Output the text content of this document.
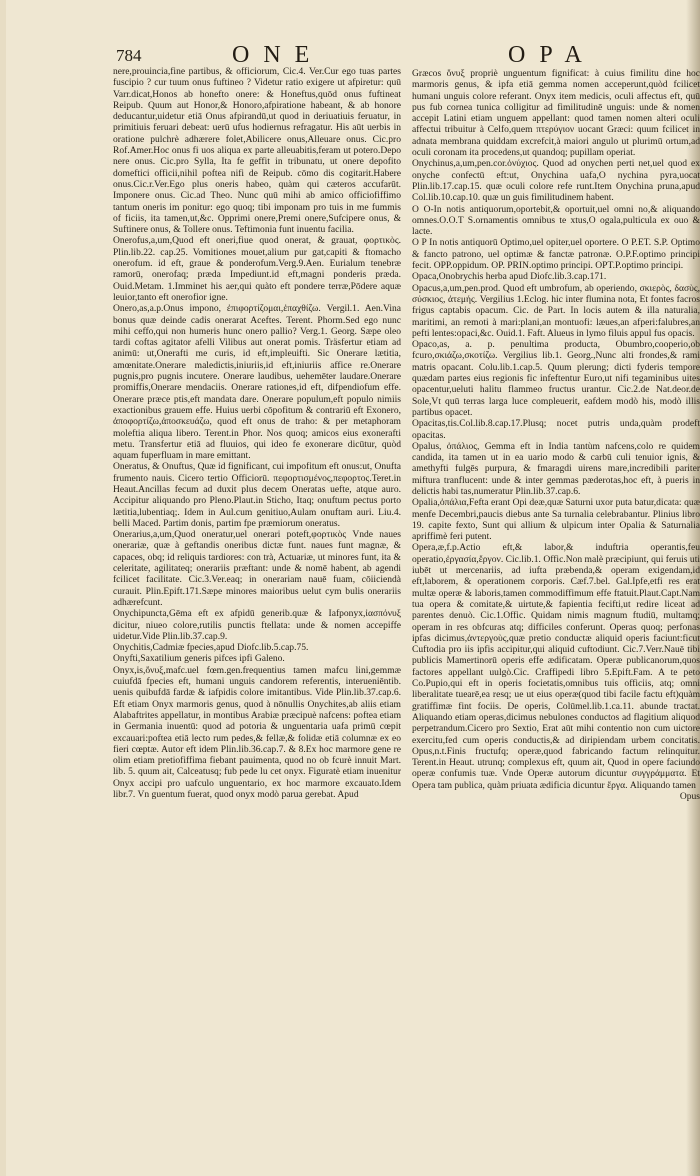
784	O N E	O P A

nere,prouincia,fine partibus, & officiorum, Cic.4. Ver.Cur ego tuas partes fuscipio ? cur tuum onus fuftineo ? Videtur ratio exigere ut afpiretur: quū Varr.dicat,Honos ab honefto onere: & Honeftus,quōd onus fuftineat Reipub. Quum aut Honor,& Honoro,afpiratione habeant, & ab honore deducantur,uidetur etiā Onus afpirandū,ut quod in deriuatiuis feruatur, in primitiuis feruari debeat: uerū ufus hodiernus refragatur. His aūt uerbis in oratione pulchrè adhærere folet,Abilicere onus,Alleuare onus. Cic.pro Rof.Amer.Hoc onus fi uos aliqua ex parte alleuabitis,feram ut potero.Depo nere onus. Cic.pro Sylla, Ita fe geffit in tribunatu, ut onere depofito domeftici officii,nihil poftea nifi de Reipub. cōmo dis cogitarit.Habere onus.Cic.r.Ver.Ego plus oneris habeo, quàm qui cæteros accufarūt. Imponere onus. Cic.ad Theo. Nunc quū mihi ab amico officiofiffimo tantum oneris im ponitur: ego quoq; tibi imponam pro tuis in me fummis of ficiis, ita tamen,ut,&c. Opprimi onere,Premi onere,Sufcipere onus, & Suftinere onus, & Tollere onus. Teftimonia funt inuentu facilia.

Onerofus,a,um,Quod eft oneri,fiue quod onerat, & grauat, φορτικὸς. Plin.lib.22. cap.25. Vomitiones mouet,alium pur gat,capiti & ftomacho onerofum. id eft, graue & ponderofum.Verg.9.Aen. Eurialum tenebræ ramorū, onerofaq; præda Impediunt.id eft,magni ponderis præda. Ouid.Metam. 1.Imminet his aer,qui quàto eft pondere terræ,Pōdere aquæ leuior,tanto eft onerofior igne.

Onero,as,a.p.Onus impono, ἐπιφορτίζομαι,ἐπαχθίζω. Vergil.1. Aen.Vina bonus quæ deinde cadis onerarat Aceftes. Terent. Phorm.Sed ego nunc mihi ceffo,qui non humeris hunc onero pallio? Verg.1. Georg. Sæpe oleo tardi coftas agitator afelli Vilibus aut onerat pomis. Träsfertur etiam ad animū: ut,Onerafti me curis, id eft,impleuifti. Sic Onerare lætitia, amœnitate.Onerare maledictis,iniuriis,id eft,iniuriis affice re.Onerare pugnis,pro pugnis incutere. Onerare laudibus, uehemēter laudare.Onerare promiffis,Onerare mendaciis. Onerare rationes,id eft, difpendiofum effe. Onerare præce ptis,eft mandata dare. Onerare populum,eft populo nimiis exactionibus grauem effe. Huius uerbi cōpofitum & contrariū eft Exonero, ἀποφορτίζω,ἀποσκευάζω, quod eft onus de traho: & per metaphoram moleftia aliqua libero. Terent.in Phor. Nos quoq; amicos eius exonerafti metu. Transfertur etiā ad fluuios, qui ideo fe exonerare dicūtur, quòd aquam fuperfluam in mare emittant.

Oneratus, & Onuftus, Quæ id fignificant, cui impofitum eft onus:ut, Onufta frumento nauis. Cicero tertio Officiorū. πεφορτισμένος,πεφορτος.Teret.in Heaut.Ancillas fecum ad duxit plus decem Oneratas uefte, atque auro. Accipitur aliquando pro Pleno.Plaut.in Sticho, Itaq; onuftum pectus porto lætitia,lubentiaq;. Idem in Aul.cum genitiuo,Aulam onuftam auri. Liu.4. belli Maced. Partim donis, partim fpe præmiorum oneratus.

Onerarius,a,um,Quod oneratur,uel onerari poteft,φορτικὸς Vnde naues onerariæ, quæ à geftandis oneribus dictæ funt. naues funt magnæ, & capaces, obq; id reliquis tardiores: con trà, Actuariæ, ut minores funt, ita & celeritate, agilitateq; onerariis præftant: unde & nomē habent, ab agendi fcilicet facilitate. Cic.3.Ver.eaq; in onerariam nauē fuam, cōiiciendà curauit. Plin.Epift.171.Sæpe minores maioribus uelut cym bulis onerariis adhærefcunt.

Onychipuncta,Gēma eft ex afpidū generib.quæ & Iafponyx,ἰασπόνυξ dicitur, niueo colore,rutilis punctis ftellata: unde & nomen accepiffe uidetur.Vide Plin.lib.37.cap.9.

Onychitis,Cadmiæ fpecies,apud Diofc.lib.5.cap.75.

Onyfti,Saxatilium generis pifces ipfi Galeno.

Onyx,is,ὄνυξ,mafc.uel fœm.gen.frequentius tamen mafcu lini,gemmæ cuiufdā fpecies eft, humani unguis candorem referentis, interueniēntib. uenis quibufdā fardæ & iafpidis colore imitantibus. Vide Plin.lib.37.cap.6. Eft etiam Onyx marmoris genus, quod à nōnullis Onychites,ab aliis etiam Alabaftrites appellatur, in montibus Arabiæ præcipuè nafcens: poftea etiam in Germania inuentū: quod ad potoria & unguentaria uafa primū cœpit excauari:poftea etiā lecto rum pedes,& fellæ,& folidæ etiā columnæ ex eo fieri cœptæ. Autor eft idem Plin.lib.36.cap.7. & 8.Ex hoc marmore gene re olim etiam pretiofiffima fiebant pauimenta, quod no ob fcurè innuit Mart. lib. 5. quum ait, Calceatusq; fub pede lu cet onyx. Figuratè etiam inuenitur Onyx accipi pro uafculo unguentario, ex hoc marmore excauato.Idem libr.7. Vn guentum fuerat, quod onyx modò parua gerebat. Apud

Græcos ὄνυξ propriè unguentum fignificat: à cuius fimilitu dine hoc marmoris genus, & ipfa etiā gemma nomen acceperunt,quòd fcilicet humani unguis colore referant. Onyx item medicis, oculi affectus eft, quū pus fub cornea tunica colligitur ad fimilitudinē unguis: unde & nomen accepit Latini etiam unguem appellant: quod tamen nomen alteri oculi affectui tribuitur à Celfo,quem πτερύγιον uocant Græci: quum fcilicet in adnata membrana quiddam excrefcit,à maiori angulo ut plurimū ortum,ad oculi coronam ita procedens,ut quandoq; pupillam operiat.

Onychinus,a,um,pen.cor.ὀνύχιος. Quod ad onychen perti net,uel quod ex onyche confectū eft:ut, Onychina uafa,O nychina pyra,uocat Plin.lib.17.cap.15. quæ oculi colore refe runt.Item Onychina pruna,apud Col.lib.10.cap.10. quæ un guis fimilitudinem habent.

O O-In notis antiquorum,oportebit,& oportuit,uel omni no,& aliquando omnes.O.O.T S.ornamentis omnibus te xtus,O ogala,pulticula ex ouo & lacte.

O P In notis antiquorū Optimo,uel opiter,uel oportere. O P.ET. S.P. Optimo & fancto patrono, uel optimæ & fanctæ patronæ. O.P.F.optimo principi fecit. OPP.oppidum. OP. PRIN.optimo principi. OPT.P.optimo principi.

Opaca,Onobrychis herba apud Diofc.lib.3.cap.171.

Opacus,a,um,pen.prod. Quod eft umbrofum, ab operiendo, σκιερὸς, δασὺς, σύσκιος, ἀτεμής. Vergilius 1.Eclog. hic inter flumina nota, Et fontes facros frigus captabis opacum. Cic. de Part. In locis autem & illa naturalia, maritimi, an remoti à mari:plani,an montuofi: læues,an afperi:falubres,an pefti lentes:opaci,&c. Ouid.1. Faft. Alueus in lymo filuis appul fus opacis.

Opaco,as, a. p. penultima producta, Obumbro,cooperio,ob fcuro,σκιάζω,σκοτίζω. Vergilius lib.1. Georg.,Nunc alti frondes,& rami matris opacant. Colu.lib.1.cap.5. Quum plerung; dicti fyderis tempore quædam partes eius regionis fic infeftentur Euro,ut nifi tegaminibus uites opacentur,ueluti halitu flammeo fructus urantur. Cic.2.de Nat.deor.de Sole,Vt quū terras larga luce compleuerit, eafdem modò his, modò illis partibus opacet.

Opacitas,tis.Col.lib.8.cap.17.Plusq; nocet putris unda,quàm prodeft opacitas.

Opalus, ὀπάλιος, Gemma eft in India tantùm nafcens,colo re quidem candida, ita tamen ut in ea uario modo & carbū culi tenuior ignis, & amethyfti fulgēs purpura, & fmaragdi uirens mare,incredibili pariter miftura tranflucent: unde & inter gemmas pæderotas,hoc eft, à pueris in delictis habi tas,numeratur Plin.lib.37.cap.6.

Opalia,ὀπάλια,Fefta erant Opi deæ,quæ Saturni uxor puta batur,dicata: quæ menfe Decembri,paucis diebus ante Sa turnalia celebrabantur. Plinius libro 19. capite fexto, Sunt qui allium & ulpicum inter Opalia & Saturnalia apriffimè feri putent.

Opera,æ,f.p.Actio eft,& labor,& induftria operantis,feu operatio,ἐργασία,ἔργον. Cic.lib.1. Offic.Non malè præcipiunt, qui feruis uti iubēt ut mercenariis, ad iufta præbenda,& operam exigendam,id eft,laborem, & operationem corporis. Cæf.7.bel. Gal.Ipfe,etfi res erat multæ operæ & laboris,tamen commodiffimum effe ftatuit.Plaut.Capt.Nam tua opera & comitate,& uirtute,& fapientia fecifti,ut redire liceat ad parentes denuò. Cic.1.Offic. Quidam nimis magnum ftudiū, multamq; operam in res obfcuras atq; difficiles conferunt. Operas quoq; perfonas ipfas dicimus,ἀντεργοὺς,quæ pretio conductæ aliquid operis faciunt:ficut Cuftodia pro iis ipfis accipitur,qui aliquid cuftodiunt. Cic.7.Verr.Nauē tibi publicis Mamertinorū operis effe ædificatam. Operæ publicanorum,quos factores appellant uulgò.Cic. Craffipedi libro 5.Epift.Fam. A te peto Co.Pupio,qui eft in operis focietatis,omnibus tuis officiis, atq; omni liberalitate tuearē,ea resq; ue ut eius operæ(quod tibi facile factu eft)quàm gratiffimæ fint fociis. De operis, Colūmel.lib.1.ca.11. abunde tractat. Aliquando etiam operas,dicimus nebulones conductos ad flagitium aliquod perpetrandum.Cicero pro Sextio, Erat aūt mihi contentio non cum uictore exercitu,fed cum operis conductis,& ad diripiendam urbem concitatis. Opus,n.t.Finis fructufq; operæ,quod fabricando factum relinquitur. Terent.in Heaut. utrunq; complexus eft, quum ait, Quod in opere faciundo operæ confumis tuæ. Vnde Operæ autorum dicuntur συγγράμματα. Et Opera tam publica, quàm priuata ædificia dicuntur ἔργα. Aliquando tamen

Opus
